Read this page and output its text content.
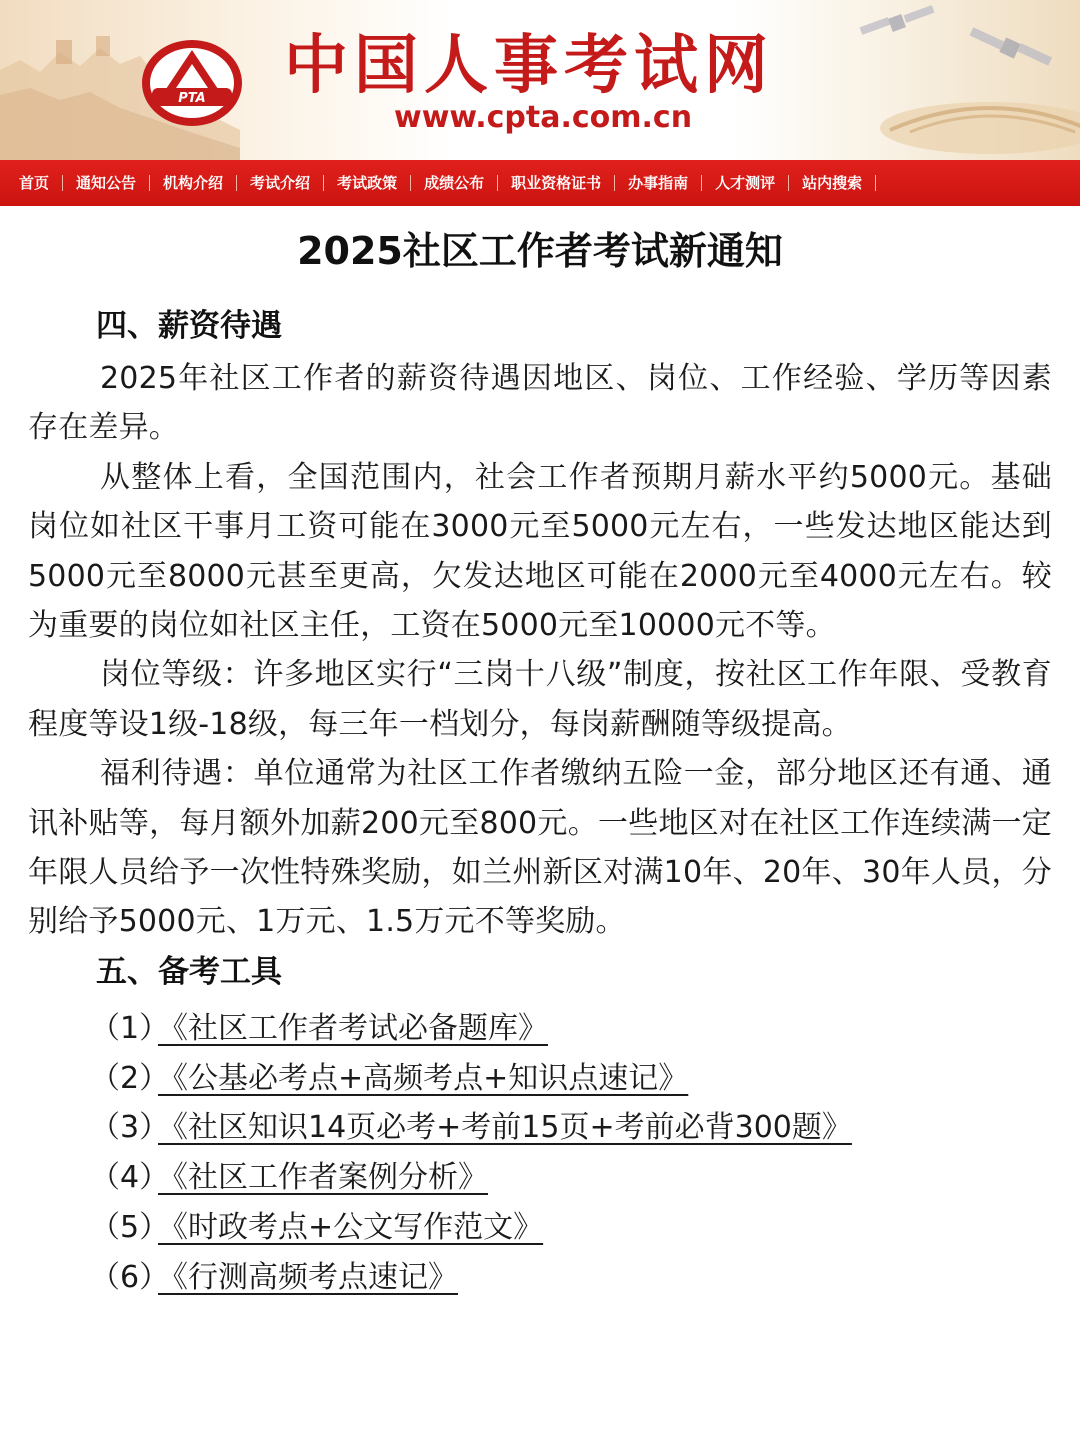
PTA 中国人事考试网
www.cpta.com.cn
首页	通知公告	机构介绍	考试介绍	考试政策	成绩公布	职业资格证书	办事指南	人才测评	站内搜索
2025社区工作者考试新通知
四、薪资待遇

2025年社区工作者的薪资待遇因地区、岗位、工作经验、学历等因素存在差异。

从整体上看，全国范围内，社会工作者预期月薪水平约5000元。基础岗位如社区干事月工资可能在3000元至5000元左右，一些发达地区能达到5000元至8000元甚至更高，欠发达地区可能在2000元至4000元左右。较为重要的岗位如社区主任，工资在5000元至10000元不等。

岗位等级：许多地区实行“三岗十八级”制度，按社区工作年限、受教育程度等设1级-18级，每三年一档划分，每岗薪酬随等级提高。

福利待遇：单位通常为社区工作者缴纳五险一金，部分地区还有通、通讯补贴等，每月额外加薪200元至800元。一些地区对在社区工作连续满一定年限人员给予一次性特殊奖励，如兰州新区对满10年、20年、30年人员，分别给予5000元、1万元、1.5万元不等奖励。

五、备考工具
（1）
《社区工作者考试必备题库》
（2）
《公基必考点+高频考点+知识点速记》
（3）
《社区知识14页必考+考前15页+考前必背300题》
（4）
《社区工作者案例分析》
（5）
《时政考点+公文写作范文》
（6）
《行测高频考点速记》
